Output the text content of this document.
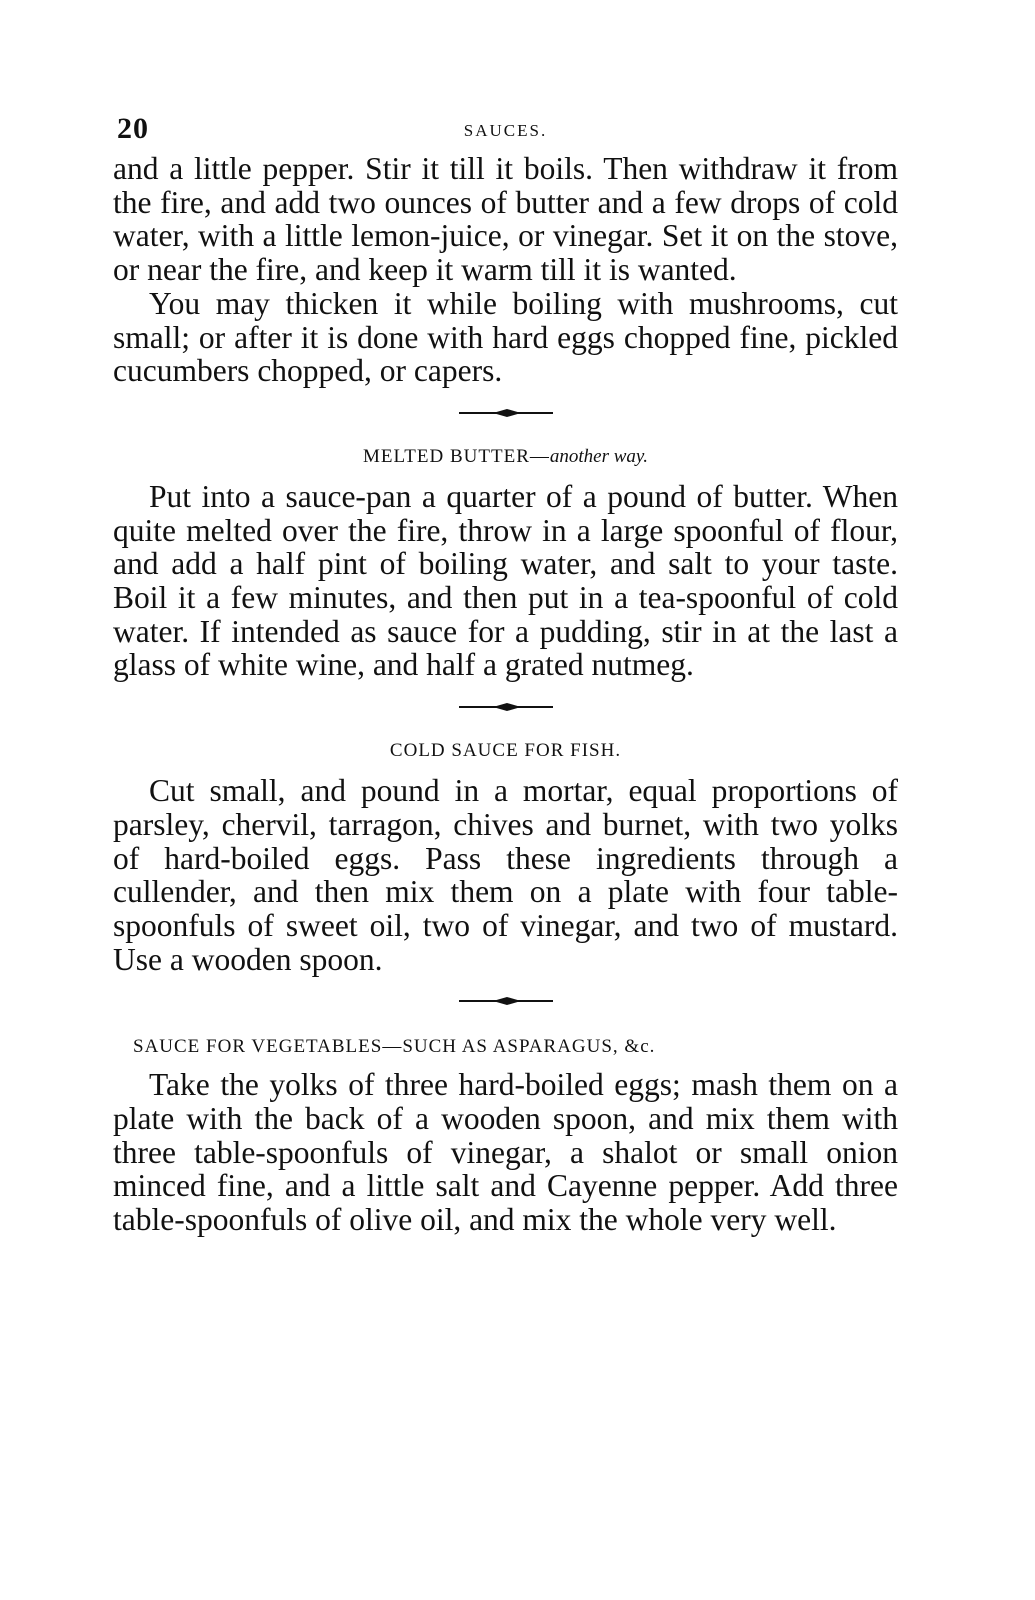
20	SAUCES.

and a little pepper. Stir it till it boils. Then withdraw it from the fire, and add two ounces of butter and a few drops of cold water, with a little lemon-juice, or vinegar. Set it on the stove, or near the fire, and keep it warm till it is wanted.

You may thicken it while boiling with mushrooms, cut small; or after it is done with hard eggs chopped fine, pickled cucumbers chopped, or capers.

MELTED BUTTER—another way.

Put into a sauce-pan a quarter of a pound of butter. When quite melted over the fire, throw in a large spoonful of flour, and add a half pint of boiling water, and salt to your taste. Boil it a few minutes, and then put in a tea-spoonful of cold water. If intended as sauce for a pudding, stir in at the last a glass of white wine, and half a grated nutmeg.

COLD SAUCE FOR FISH.

Cut small, and pound in a mortar, equal proportions of parsley, chervil, tarragon, chives and burnet, with two yolks of hard-boiled eggs. Pass these ingredients through a cullender, and then mix them on a plate with four table-spoonfuls of sweet oil, two of vinegar, and two of mustard. Use a wooden spoon.

SAUCE FOR VEGETABLES—SUCH AS ASPARAGUS, &c.

Take the yolks of three hard-boiled eggs; mash them on a plate with the back of a wooden spoon, and mix them with three table-spoonfuls of vinegar, a shalot or small onion minced fine, and a little salt and Cayenne pepper. Add three table-spoonfuls of olive oil, and mix the whole very well.
